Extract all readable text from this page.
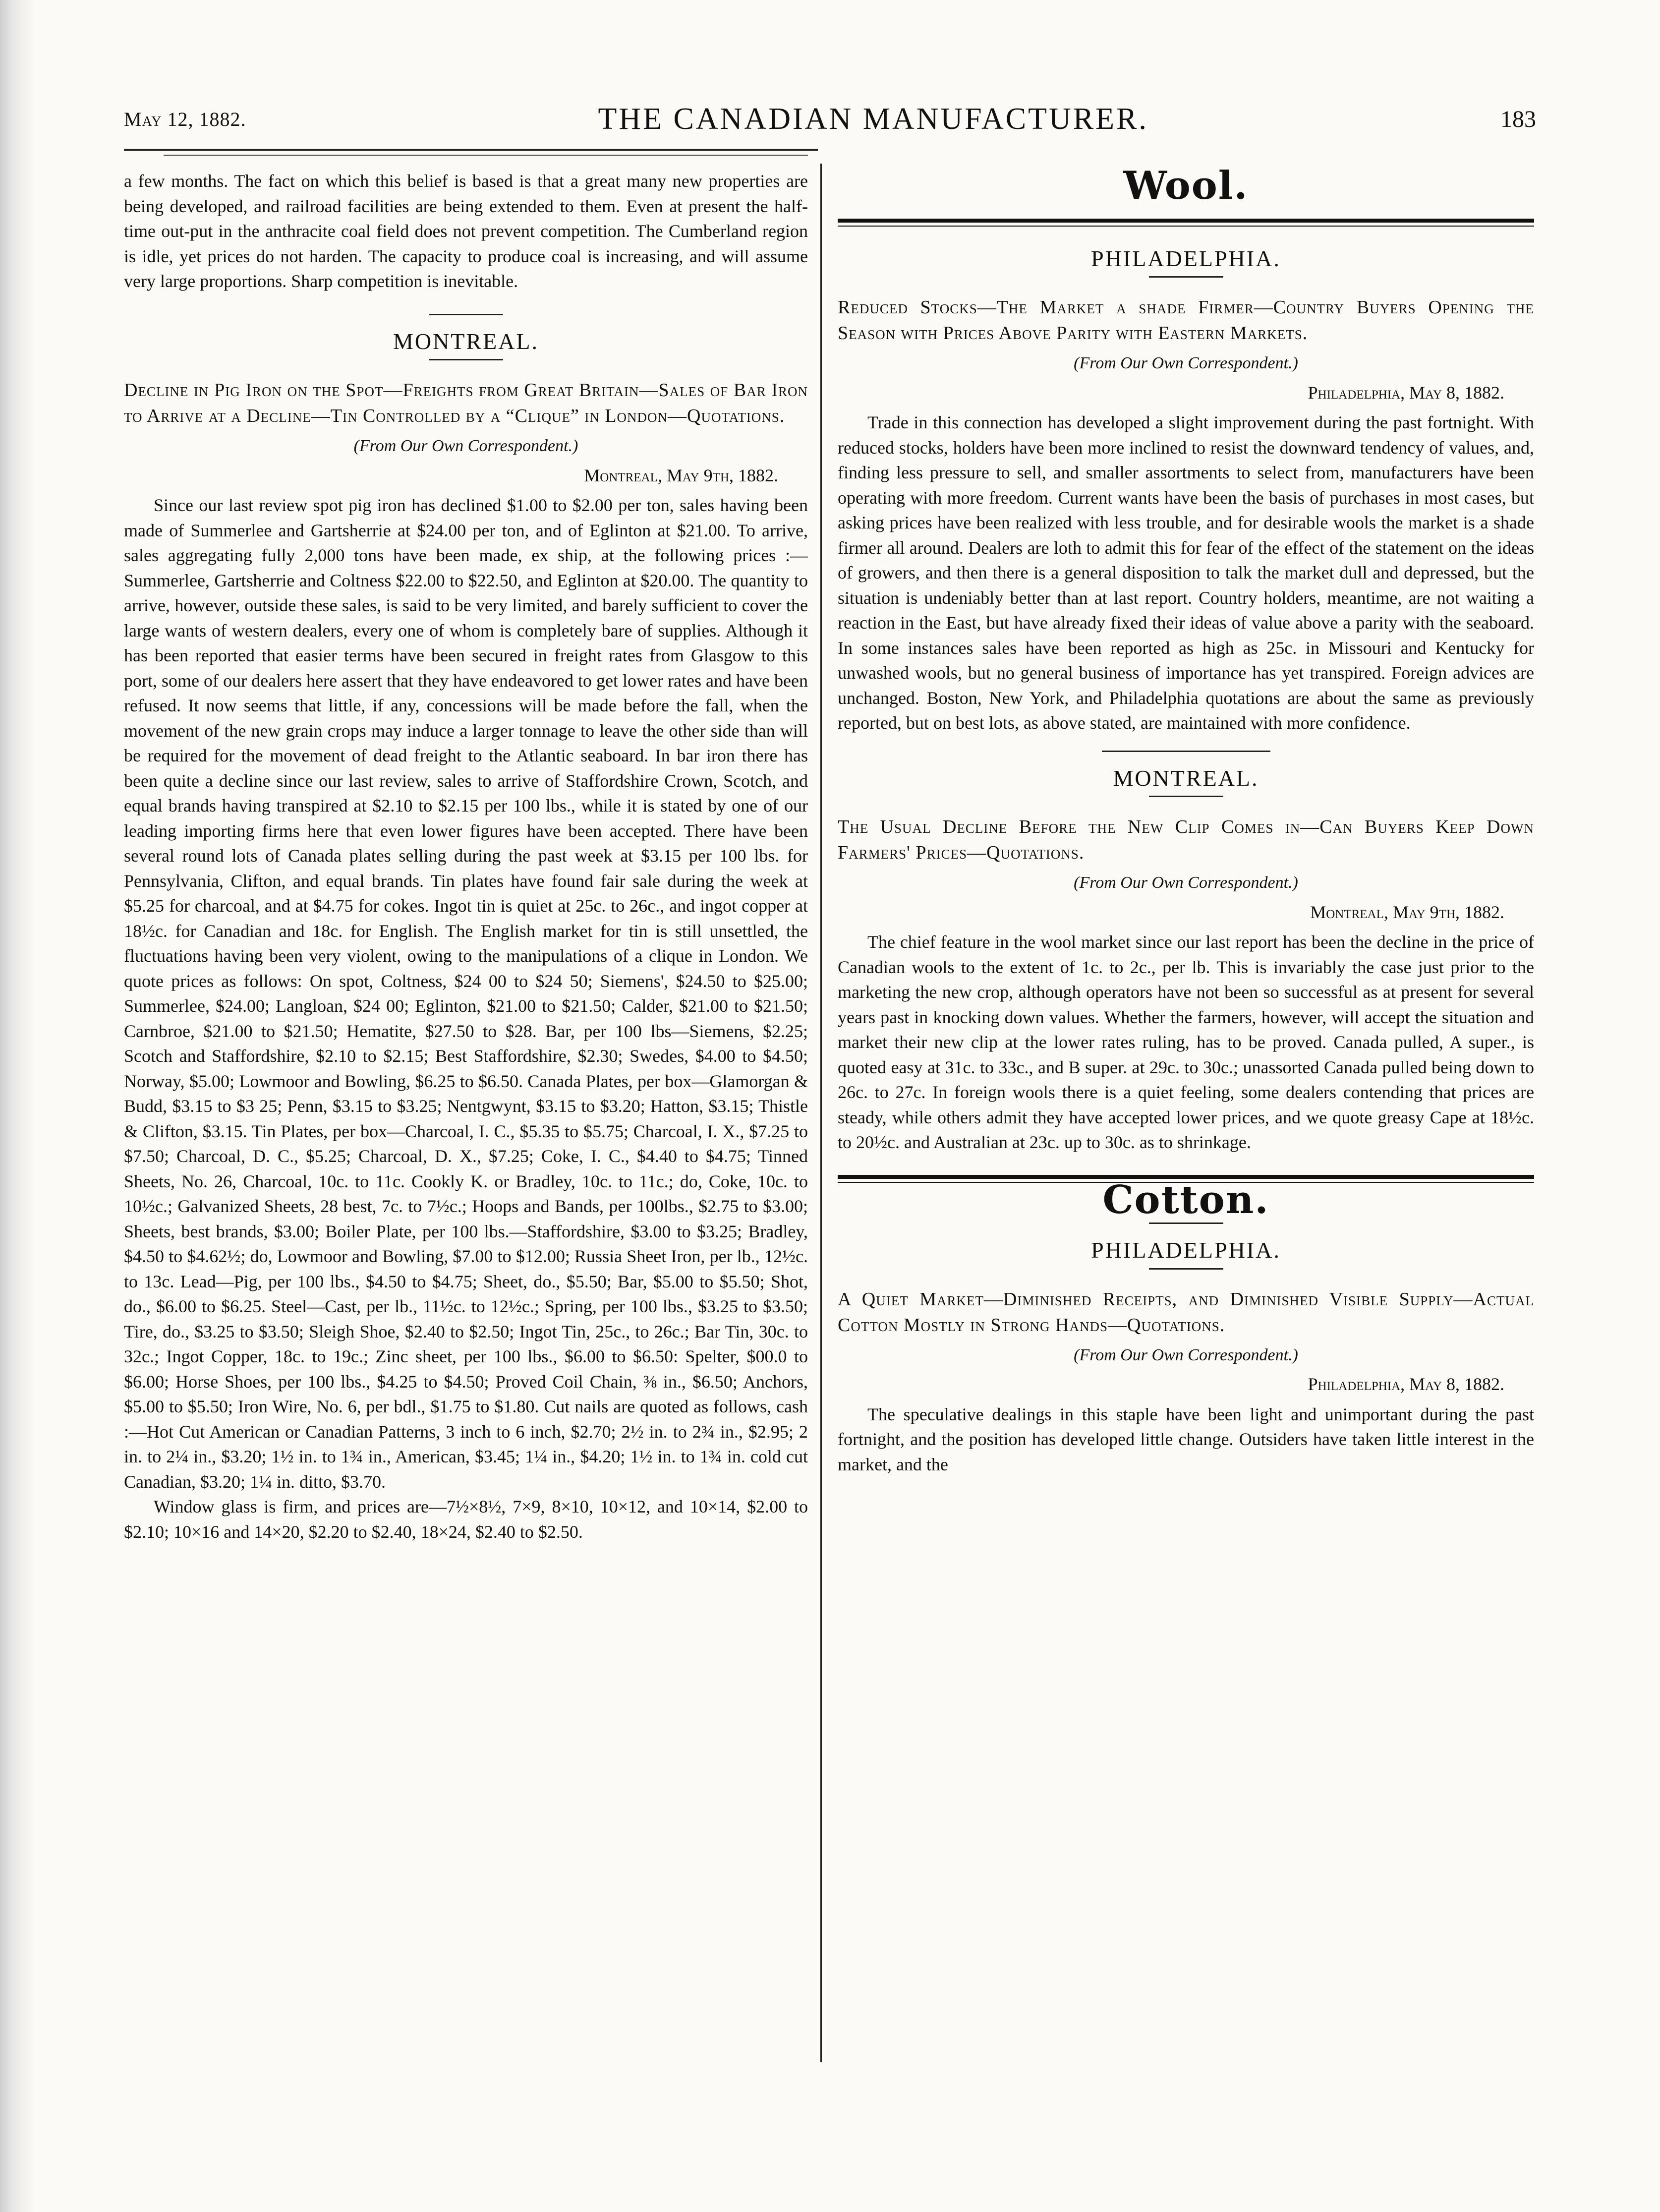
May 12, 1882.	THE CANADIAN MANUFACTURER.	183

a few months. The fact on which this belief is based is that a great many new properties are being developed, and railroad facilities are being extended to them. Even at present the half-time out-put in the anthracite coal field does not prevent competition. The Cumberland region is idle, yet prices do not harden. The capacity to produce coal is increasing, and will assume very large proportions. Sharp competition is inevitable.

MONTREAL.
Decline in Pig Iron on the Spot—Freights from Great Britain—Sales of Bar Iron to Arrive at a Decline—Tin Controlled by a “Clique” in London—Quotations.
(From Our Own Correspondent.)
Montreal, May 9th, 1882.

Since our last review spot pig iron has declined $1.00 to $2.00 per ton, sales having been made of Summerlee and Gartsherrie at $24.00 per ton, and of Eglinton at $21.00. To arrive, sales aggregating fully 2,000 tons have been made, ex ship, at the following prices :—Summerlee, Gartsherrie and Coltness $22.00 to $22.50, and Eglinton at $20.00. The quantity to arrive, however, outside these sales, is said to be very limited, and barely sufficient to cover the large wants of western dealers, every one of whom is completely bare of supplies. Although it has been reported that easier terms have been secured in freight rates from Glasgow to this port, some of our dealers here assert that they have endeavored to get lower rates and have been refused. It now seems that little, if any, concessions will be made before the fall, when the movement of the new grain crops may induce a larger tonnage to leave the other side than will be required for the movement of dead freight to the Atlantic seaboard. In bar iron there has been quite a decline since our last review, sales to arrive of Staffordshire Crown, Scotch, and equal brands having transpired at $2.10 to $2.15 per 100 lbs., while it is stated by one of our leading importing firms here that even lower figures have been accepted. There have been several round lots of Canada plates selling during the past week at $3.15 per 100 lbs. for Pennsylvania, Clifton, and equal brands. Tin plates have found fair sale during the week at $5.25 for charcoal, and at $4.75 for cokes. Ingot tin is quiet at 25c. to 26c., and ingot copper at 18½c. for Canadian and 18c. for English. The English market for tin is still unsettled, the fluctuations having been very violent, owing to the manipulations of a clique in London. We quote prices as follows: On spot, Coltness, $24 00 to $24 50; Siemens', $24.50 to $25.00; Summerlee, $24.00; Langloan, $24 00; Eglinton, $21.00 to $21.50; Calder, $21.00 to $21.50; Carnbroe, $21.00 to $21.50; Hematite, $27.50 to $28. Bar, per 100 lbs—Siemens, $2.25; Scotch and Staffordshire, $2.10 to $2.15; Best Staffordshire, $2.30; Swedes, $4.00 to $4.50; Norway, $5.00; Lowmoor and Bowling, $6.25 to $6.50. Canada Plates, per box—Glamorgan & Budd, $3.15 to $3 25; Penn, $3.15 to $3.25; Nentgwynt, $3.15 to $3.20; Hatton, $3.15; Thistle & Clifton, $3.15. Tin Plates, per box—Charcoal, I. C., $5.35 to $5.75; Charcoal, I. X., $7.25 to $7.50; Charcoal, D. C., $5.25; Charcoal, D. X., $7.25; Coke, I. C., $4.40 to $4.75; Tinned Sheets, No. 26, Charcoal, 10c. to 11c. Cookly K. or Bradley, 10c. to 11c.; do, Coke, 10c. to 10½c.; Galvanized Sheets, 28 best, 7c. to 7½c.; Hoops and Bands, per 100lbs., $2.75 to $3.00; Sheets, best brands, $3.00; Boiler Plate, per 100 lbs.—Staffordshire, $3.00 to $3.25; Bradley, $4.50 to $4.62½; do, Lowmoor and Bowling, $7.00 to $12.00; Russia Sheet Iron, per lb., 12½c. to 13c. Lead—Pig, per 100 lbs., $4.50 to $4.75; Sheet, do., $5.50; Bar, $5.00 to $5.50; Shot, do., $6.00 to $6.25. Steel—Cast, per lb., 11½c. to 12½c.; Spring, per 100 lbs., $3.25 to $3.50; Tire, do., $3.25 to $3.50; Sleigh Shoe, $2.40 to $2.50; Ingot Tin, 25c., to 26c.; Bar Tin, 30c. to 32c.; Ingot Copper, 18c. to 19c.; Zinc sheet, per 100 lbs., $6.00 to $6.50: Spelter, $00.0 to $6.00; Horse Shoes, per 100 lbs., $4.25 to $4.50; Proved Coil Chain, ⅜ in., $6.50; Anchors, $5.00 to $5.50; Iron Wire, No. 6, per bdl., $1.75 to $1.80. Cut nails are quoted as follows, cash :—Hot Cut American or Canadian Patterns, 3 inch to 6 inch, $2.70; 2½ in. to 2¾ in., $2.95; 2 in. to 2¼ in., $3.20; 1½ in. to 1¾ in., American, $3.45; 1¼ in., $4.20; 1½ in. to 1¾ in. cold cut Canadian, $3.20; 1¼ in. ditto, $3.70.

Window glass is firm, and prices are—7½×8½, 7×9, 8×10, 10×12, and 10×14, $2.00 to $2.10; 10×16 and 14×20, $2.20 to $2.40, 18×24, $2.40 to $2.50.

Wool.
PHILADELPHIA.
Reduced Stocks—The Market a shade Firmer—Country Buyers Opening the Season with Prices Above Parity with Eastern Markets.
(From Our Own Correspondent.)
Philadelphia, May 8, 1882.

Trade in this connection has developed a slight improvement during the past fortnight. With reduced stocks, holders have been more inclined to resist the downward tendency of values, and, finding less pressure to sell, and smaller assortments to select from, manufacturers have been operating with more freedom. Current wants have been the basis of purchases in most cases, but asking prices have been realized with less trouble, and for desirable wools the market is a shade firmer all around. Dealers are loth to admit this for fear of the effect of the statement on the ideas of growers, and then there is a general disposition to talk the market dull and depressed, but the situation is undeniably better than at last report. Country holders, meantime, are not waiting a reaction in the East, but have already fixed their ideas of value above a parity with the seaboard. In some instances sales have been reported as high as 25c. in Missouri and Kentucky for unwashed wools, but no general business of importance has yet transpired. Foreign advices are unchanged. Boston, New York, and Philadelphia quotations are about the same as previously reported, but on best lots, as above stated, are maintained with more confidence.

MONTREAL.
The Usual Decline Before the New Clip Comes in—Can Buyers Keep Down Farmers' Prices—Quotations.
(From Our Own Correspondent.)
Montreal, May 9th, 1882.

The chief feature in the wool market since our last report has been the decline in the price of Canadian wools to the extent of 1c. to 2c., per lb. This is invariably the case just prior to the marketing the new crop, although operators have not been so successful as at present for several years past in knocking down values. Whether the farmers, however, will accept the situation and market their new clip at the lower rates ruling, has to be proved. Canada pulled, A super., is quoted easy at 31c. to 33c., and B super. at 29c. to 30c.; unassorted Canada pulled being down to 26c. to 27c. In foreign wools there is a quiet feeling, some dealers contending that prices are steady, while others admit they have accepted lower prices, and we quote greasy Cape at 18½c. to 20½c. and Australian at 23c. up to 30c. as to shrinkage.

Cotton.
PHILADELPHIA.
A Quiet Market—Diminished Receipts, and Diminished Visible Supply—Actual Cotton Mostly in Strong Hands—Quotations.
(From Our Own Correspondent.)
Philadelphia, May 8, 1882.

The speculative dealings in this staple have been light and unimportant during the past fortnight, and the position has developed little change. Outsiders have taken little interest in the market, and the
